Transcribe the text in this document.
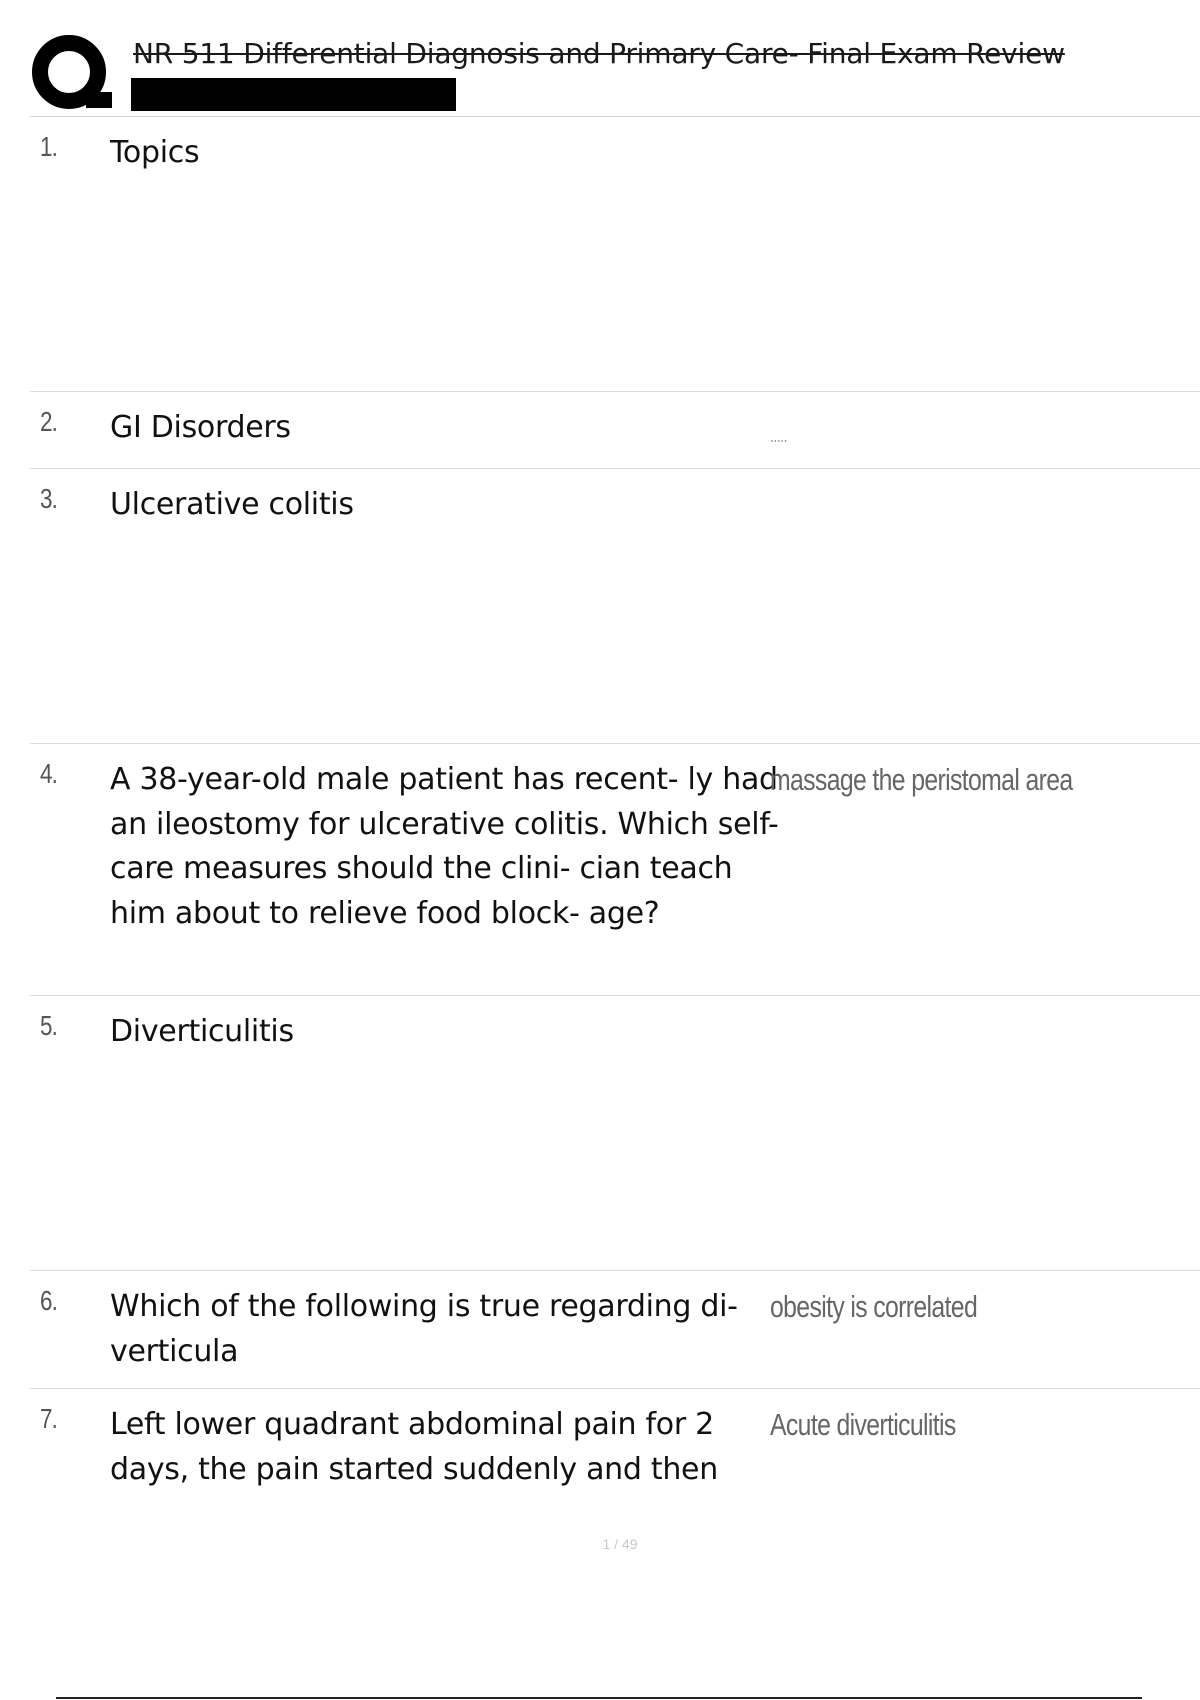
NR 511 Differential Diagnosis and Primary Care- Final Exam Review
1. Topics
2. GI Disorders	.....
3. Ulcerative colitis
4. A 38-year-old male patient has recent- ly had an ileostomy for ulcerative colitis. Which self-care measures should the clini- cian teach him about to relieve food block- age?
massage the peristomal area
5. Diverticulitis
6. Which of the following is true regarding di- verticula
obesity is correlated
7. Left lower quadrant abdominal pain for 2 days, the pain started suddenly and then
Acute diverticulitis
1 / 49
